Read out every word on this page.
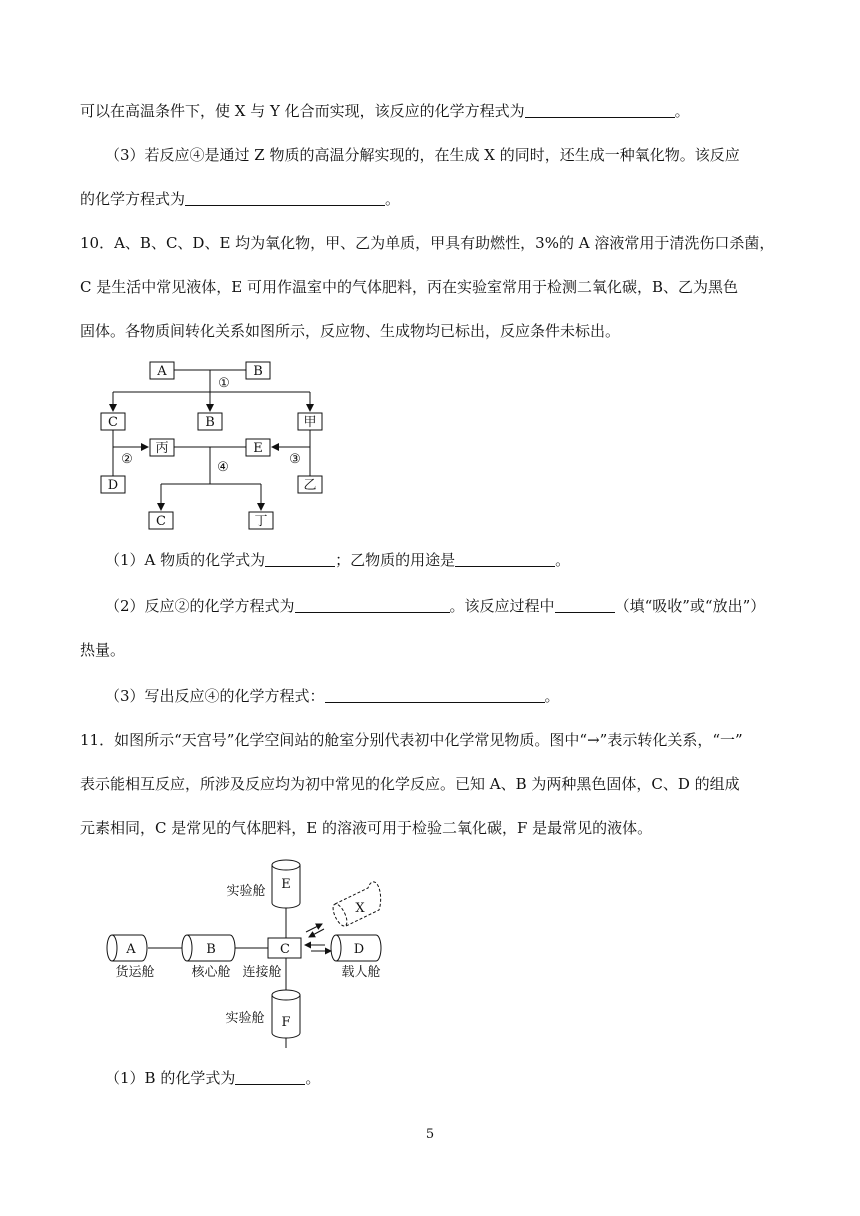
可以在高温条件下，使 X 与 Y 化合而实现，该反应的化学方程式为	。
（3）若反应④是通过 Z 物质的高温分解实现的，在生成 X 的同时，还生成一种氧化物。该反应
的化学方程式为	。
10．A、B、C、D、E 均为氧化物，甲、乙为单质，甲具有助燃性，3%的 A 溶液常用于清洗伤口杀菌，
C 是生活中常见液体，E 可用作温室中的气体肥料，丙在实验室常用于检测二氧化碳，B、乙为黑色
固体。各物质间转化关系如图所示，反应物、生成物均已标出，反应条件未标出。
A	B
①
C	B	甲
丙	E
②	③
④
D	乙
C	丁
（1）A 物质的化学式为	；乙物质的用途是	。
（2）反应②的化学方程式为	。该反应过程中	（填“吸收”或“放出”）
热量。
（3）写出反应④的化学方程式：	。
11．如图所示“天宫号”化学空间站的舱室分别代表初中化学常见物质。图中“→”表示转化关系，“一”
表示能相互反应，所涉及反应均为初中常见的化学反应。已知 A、B 为两种黑色固体，C、D 的组成
元素相同，C 是常见的气体肥料，E 的溶液可用于检验二氧化碳，F 是最常见的液体。
E
X
A	B	C	D
F
实验舱
货运舱	核心舱 连接舱	载人舱
实验舱
（1）B 的化学式为	。
5
